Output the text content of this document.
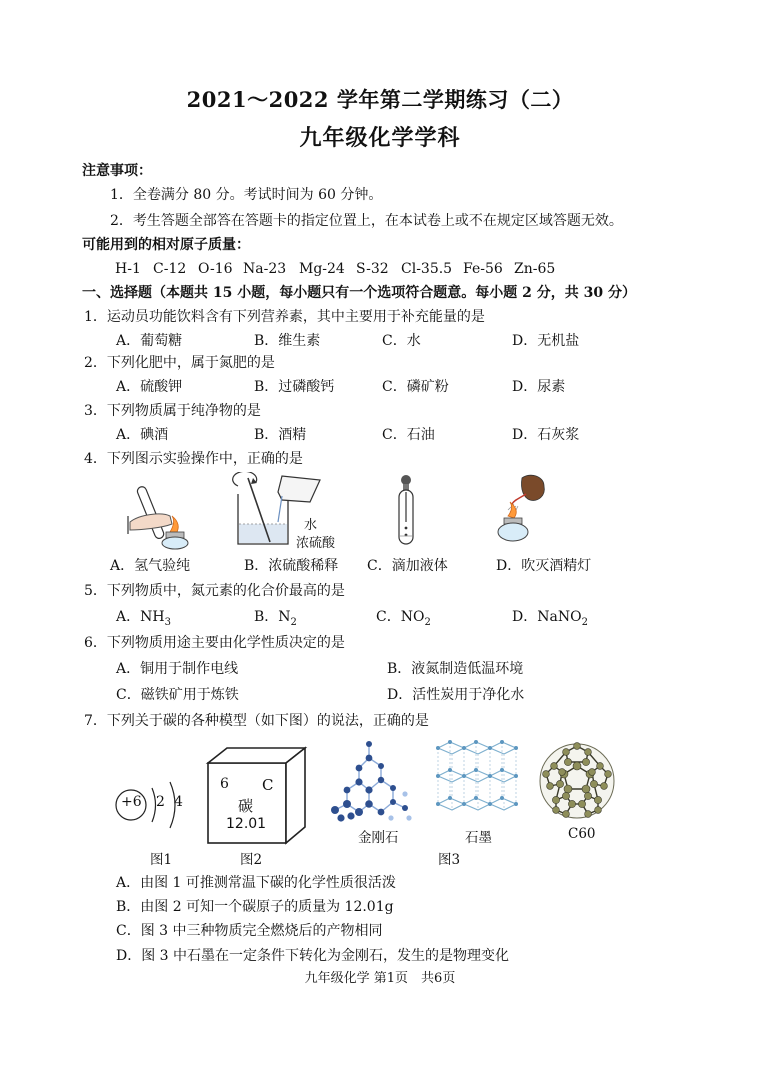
2021～2022 学年第二学期练习（二）
九年级化学学科
注意事项：
1．全卷满分 80 分。考试时间为 60 分钟。
2．考生答题全部答在答题卡的指定位置上，在本试卷上或不在规定区域答题无效。
可能用到的相对原子质量：
H-1 C-12 O-16 Na-23 Mg-24 S-32 Cl-35.5 Fe-56 Zn-65
一、选择题（本题共 15 小题，每小题只有一个选项符合题意。每小题 2 分，共 30 分）
1．运动员功能饮料含有下列营养素，其中主要用于补充能量的是
A．葡萄糖	B．维生素	C．水	D．无机盐
2．下列化肥中，属于氮肥的是
A．硫酸钾	B．过磷酸钙	C．磷矿粉	D．尿素
3．下列物质属于纯净物的是
A．碘酒	B．酒精	C．石油	D．石灰浆
4．下列图示实验操作中，正确的是
水
浓硫酸
A．氢气验纯	B．浓硫酸稀释 C．滴加液体	D．吹灭酒精灯
5．下列物质中，氮元素的化合价最高的是
A．$NH_3$	B．$N_2$	C．$NO_2$	D．NaNO$_2$
6．下列物质用途主要由化学性质决定的是
A．铜用于制作电线	B．液氮制造低温环境
C．磁铁矿用于炼铁	D．活性炭用于净化水
7．下列关于碳的各种模型（如下图）的说法，正确的是
+6 2 4
6 C
碳
12.01
金刚石	石墨	C60
图1	图2	图3
A．由图 1 可推测常温下碳的化学性质很活泼
B．由图 2 可知一个碳原子的质量为 12.01g
C．图 3 中三种物质完全燃烧后的产物相同
D．图 3 中石墨在一定条件下转化为金刚石，发生的是物理变化
九年级化学 第1页　共6页
